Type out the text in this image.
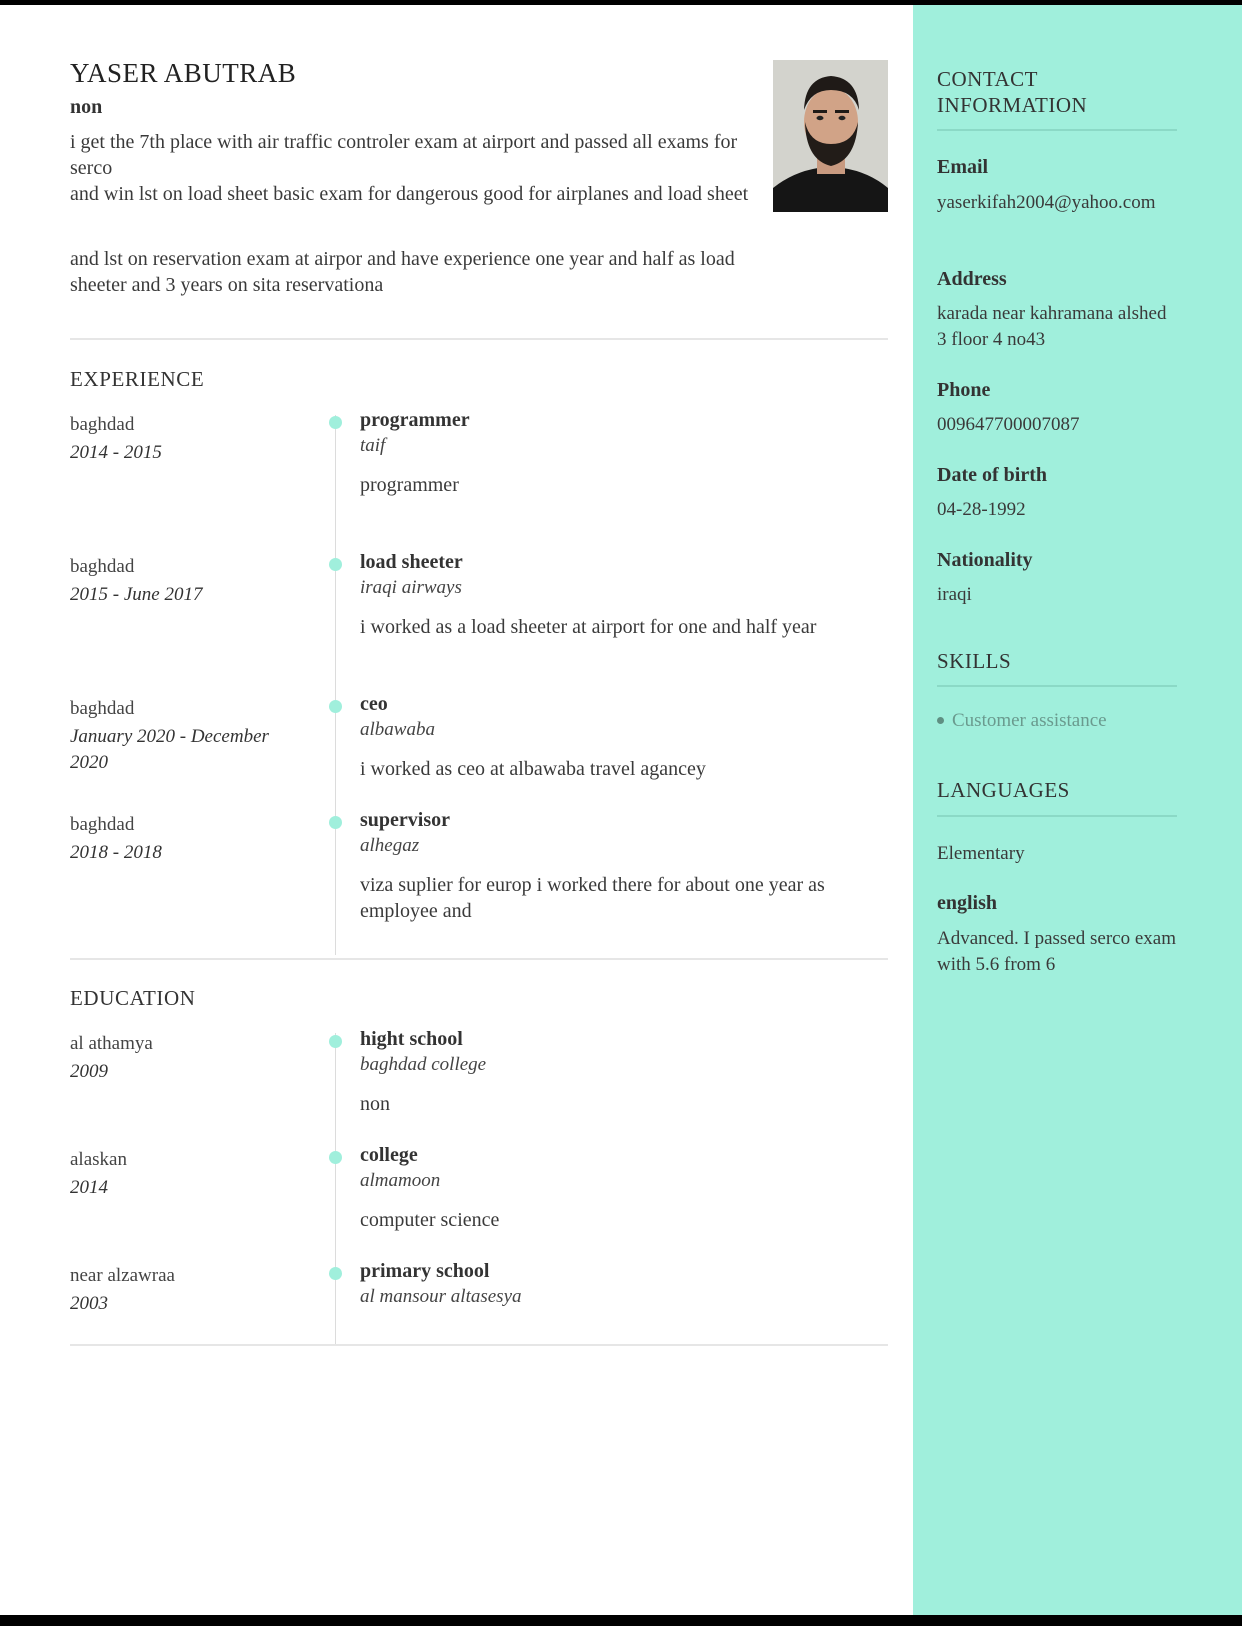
YASER ABUTRAB
non
i get the 7th place with air traffic controler exam at airport and passed all exams for serco
and win lst on load sheet basic exam for dangerous good for airplanes and load sheet
and lst on reservation exam at airpor and have experience one year and half as load sheeter and 3 years on sita reservationa
EXPERIENCE
baghdad
2014 - 2015
programmer
taif
programmer
baghdad
2015 - June 2017
load sheeter
iraqi airways
i worked as a load sheeter at airport for one and half year
baghdad
January 2020 - December 2020
ceo
albawaba
i worked as ceo at albawaba travel agancey
baghdad
2018 - 2018
supervisor
alhegaz
viza suplier for europ i worked there for about one year as employee and
EDUCATION
al athamya
2009
hight school
baghdad college
non
alaskan
2014
college
almamoon
computer science
near alzawraa
2003
primary school
al mansour altasesya
CONTACT INFORMATION
Email
yaserkifah2004@yahoo.com
Address
karada near kahramana alshed 3 floor 4 no43
Phone
009647700007087
Date of birth
04-28-1992
Nationality
iraqi
SKILLS
Customer assistance
LANGUAGES
Elementary
english
Advanced. I passed serco exam with 5.6 from 6
